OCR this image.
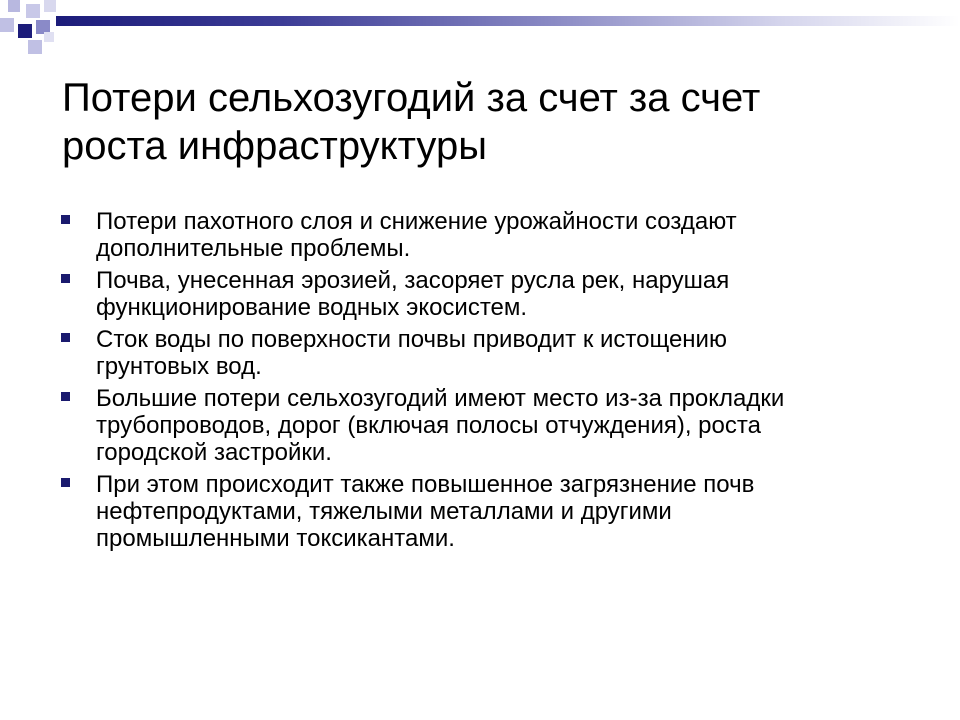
Потери сельхозугодий за счет за счет
роста инфраструктуры
Потери пахотного слоя и снижение урожайности создают
дополнительные проблемы.
Почва, унесенная эрозией, засоряет русла рек, нарушая
функционирование водных экосистем.
Сток воды по поверхности почвы приводит к истощению
грунтовых вод.
Большие потери сельхозугодий имеют место из-за прокладки
трубопроводов, дорог (включая полосы отчуждения), роста
городской застройки.
При этом происходит также повышенное загрязнение почв
нефтепродуктами, тяжелыми металлами и другими
промышленными токсикантами.
